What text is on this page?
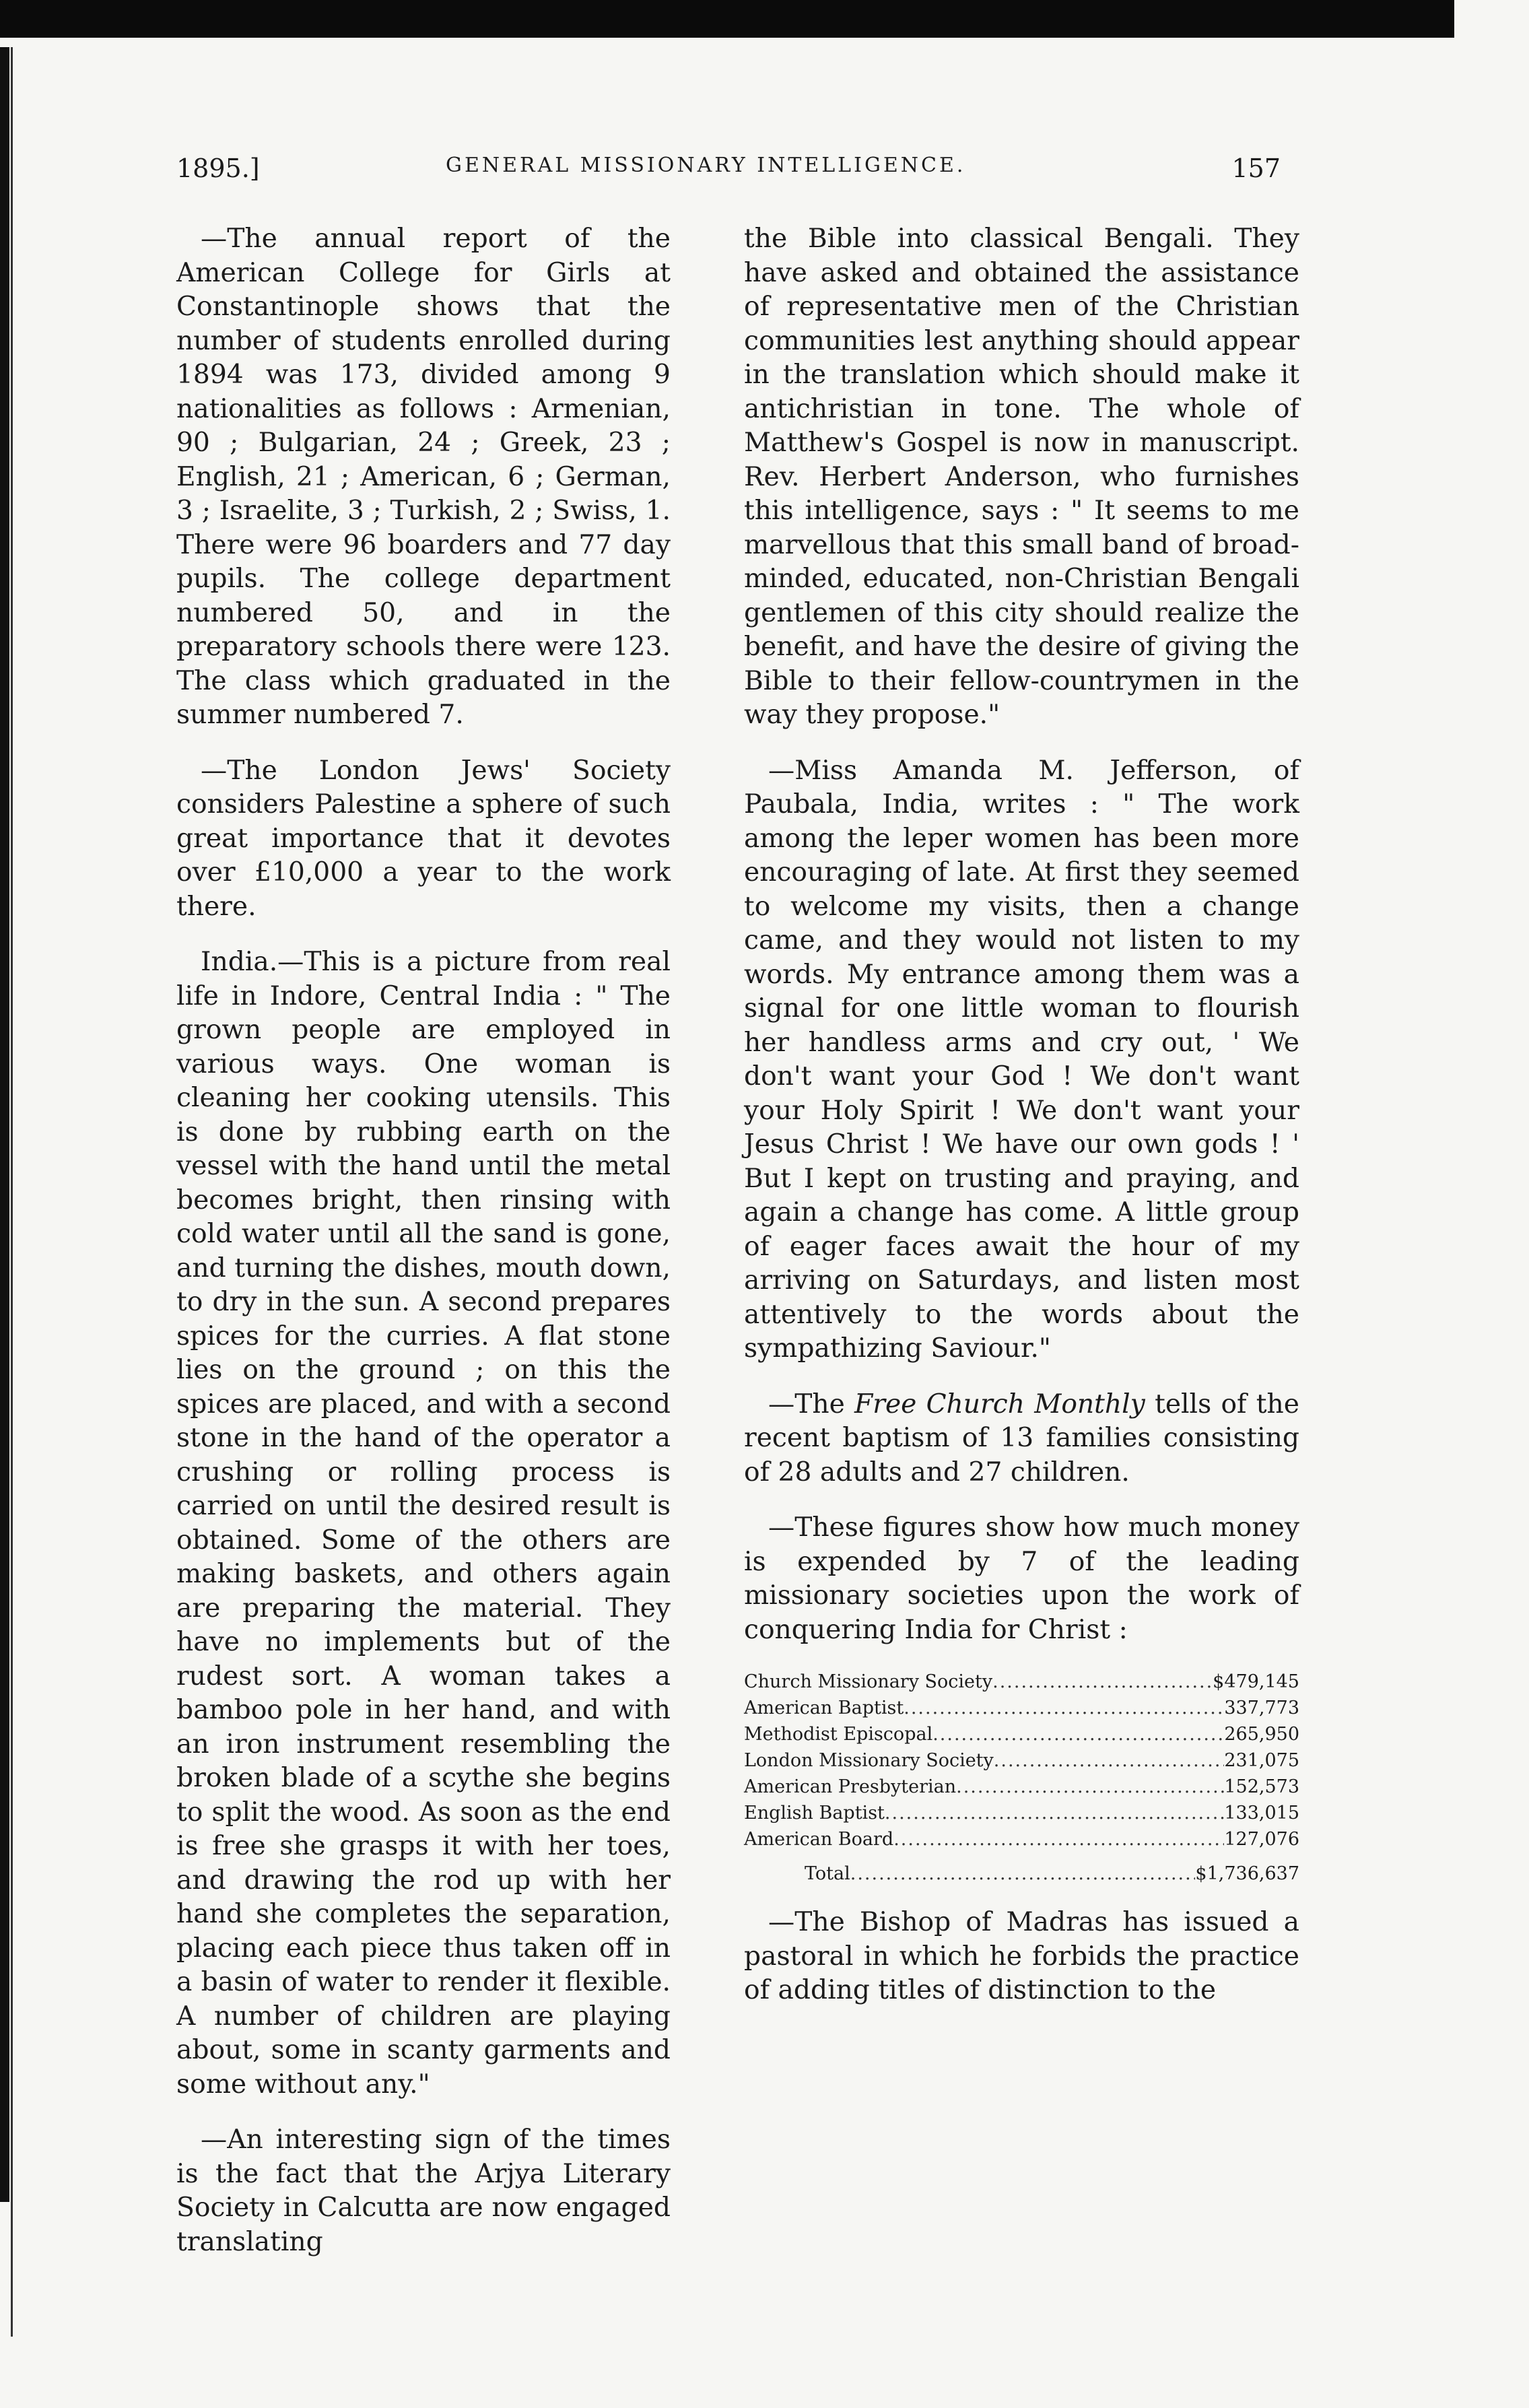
1895.]	GENERAL MISSIONARY INTELLIGENCE.	157

—The annual report of the American College for Girls at Constantinople shows that the number of students enrolled during 1894 was 173, divided among 9 nationalities as follows : Armenian, 90 ; Bulgarian, 24 ; Greek, 23 ; English, 21 ; American, 6 ; German, 3 ; Israelite, 3 ; Turkish, 2 ; Swiss, 1. There were 96 boarders and 77 day pupils. The college department numbered 50, and in the preparatory schools there were 123. The class which graduated in the summer numbered 7.

—The London Jews' Society considers Palestine a sphere of such great importance that it devotes over £10,000 a year to the work there.

India.—This is a picture from real life in Indore, Central India : " The grown people are employed in various ways. One woman is cleaning her cooking utensils. This is done by rubbing earth on the vessel with the hand until the metal becomes bright, then rinsing with cold water until all the sand is gone, and turning the dishes, mouth down, to dry in the sun. A second prepares spices for the curries. A flat stone lies on the ground ; on this the spices are placed, and with a second stone in the hand of the operator a crushing or rolling process is carried on until the desired result is obtained. Some of the others are making baskets, and others again are preparing the material. They have no implements but of the rudest sort. A woman takes a bamboo pole in her hand, and with an iron instrument resembling the broken blade of a scythe she begins to split the wood. As soon as the end is free she grasps it with her toes, and drawing the rod up with her hand she completes the separation, placing each piece thus taken off in a basin of water to render it flexible. A number of children are playing about, some in scanty garments and some without any."

—An interesting sign of the times is the fact that the Arjya Literary Society in Calcutta are now engaged translating

the Bible into classical Bengali. They have asked and obtained the assistance of representative men of the Christian communities lest anything should appear in the translation which should make it antichristian in tone. The whole of Matthew's Gospel is now in manuscript. Rev. Herbert Anderson, who furnishes this intelligence, says : " It seems to me marvellous that this small band of broad-minded, educated, non-Christian Bengali gentlemen of this city should realize the benefit, and have the desire of giving the Bible to their fellow-countrymen in the way they propose."

—Miss Amanda M. Jefferson, of Paubala, India, writes : " The work among the leper women has been more encouraging of late. At first they seemed to welcome my visits, then a change came, and they would not listen to my words. My entrance among them was a signal for one little woman to flourish her handless arms and cry out, ' We don't want your God ! We don't want your Holy Spirit ! We don't want your Jesus Christ ! We have our own gods ! ' But I kept on trusting and praying, and again a change has come. A little group of eager faces await the hour of my arriving on Saturdays, and listen most attentively to the words about the sympathizing Saviour."

—The Free Church Monthly tells of the recent baptism of 13 families consisting of 28 adults and 27 children.

—These figures show how much money is expended by 7 of the leading missionary societies upon the work of conquering India for Christ :

Church Missionary Society .....	$479,145
American Baptist .....	337,773
Methodist Episcopal .....	265,950
London Missionary Society .....	231,075
American Presbyterian .....	152,573
English Baptist .....	133,015
American Board .....	127,076
Total .....	$1,736,637

—The Bishop of Madras has issued a pastoral in which he forbids the practice of adding titles of distinction to the
